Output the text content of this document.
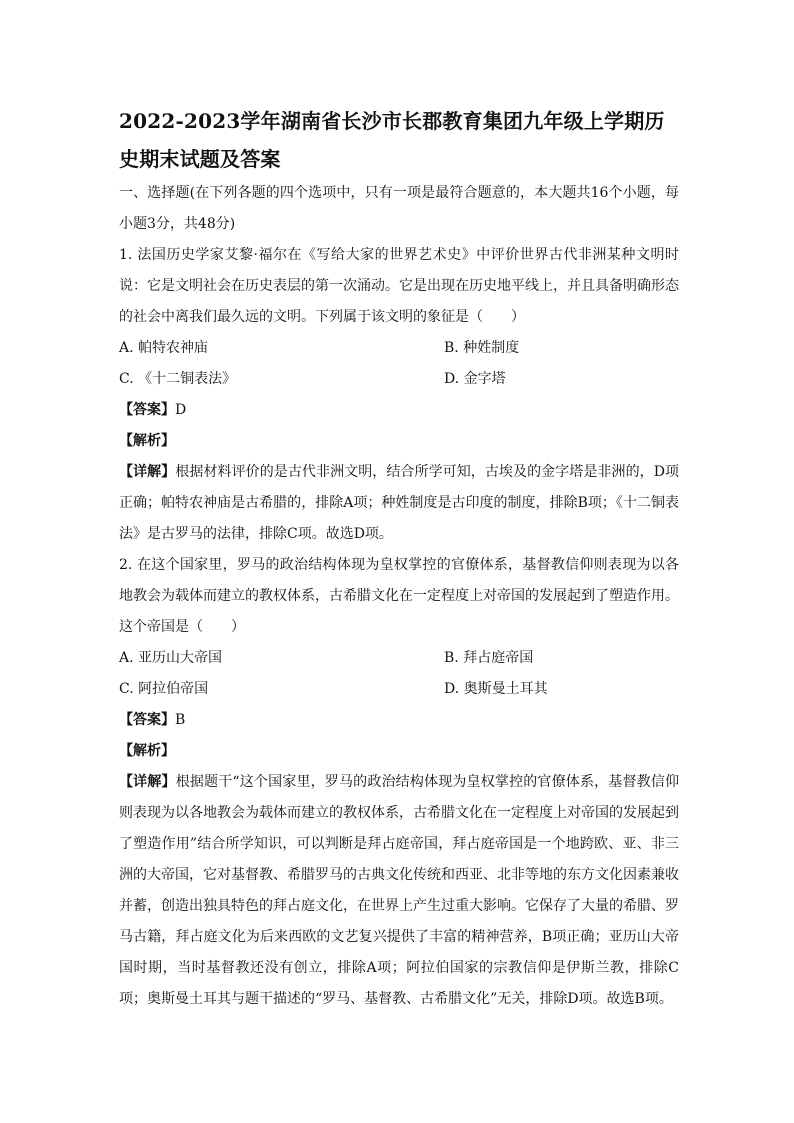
2022-2023学年湖南省长沙市长郡教育集团九年级上学期历史期末试题及答案
一、选择题(在下列各题的四个选项中，只有一项是最符合题意的，本大题共16个小题，每小题3分，共48分)
1. 法国历史学家艾黎·福尔在《写给大家的世界艺术史》中评价世界古代非洲某种文明时说：它是文明社会在历史表层的第一次涌动。它是出现在历史地平线上，并且具备明确形态的社会中离我们最久远的文明。下列属于该文明的象征是（　　）
A. 帕特农神庙	B. 种姓制度
C. 《十二铜表法》	D. 金字塔
【答案】D
【解析】
【详解】根据材料评价的是古代非洲文明，结合所学可知，古埃及的金字塔是非洲的，D项正确；帕特农神庙是古希腊的，排除A项；种姓制度是古印度的制度，排除B项；《十二铜表法》是古罗马的法律，排除C项。故选D项。
2. 在这个国家里，罗马的政治结构体现为皇权掌控的官僚体系，基督教信仰则表现为以各地教会为载体而建立的教权体系，古希腊文化在一定程度上对帝国的发展起到了塑造作用。这个帝国是（　　）
A. 亚历山大帝国	B. 拜占庭帝国
C. 阿拉伯帝国	D. 奥斯曼土耳其
【答案】B
【解析】
【详解】根据题干“这个国家里，罗马的政治结构体现为皇权掌控的官僚体系，基督教信仰则表现为以各地教会为载体而建立的教权体系，古希腊文化在一定程度上对帝国的发展起到了塑造作用”结合所学知识，可以判断是拜占庭帝国，拜占庭帝国是一个地跨欧、亚、非三洲的大帝国，它对基督教、希腊罗马的古典文化传统和西亚、北非等地的东方文化因素兼收并蓄，创造出独具特色的拜占庭文化，在世界上产生过重大影响。它保存了大量的希腊、罗马古籍，拜占庭文化为后来西欧的文艺复兴提供了丰富的精神营养，B项正确；亚历山大帝国时期，当时基督教还没有创立，排除A项；阿拉伯国家的宗教信仰是伊斯兰教，排除C项；奥斯曼土耳其与题干描述的“罗马、基督教、古希腊文化”无关，排除D项。故选B项。
